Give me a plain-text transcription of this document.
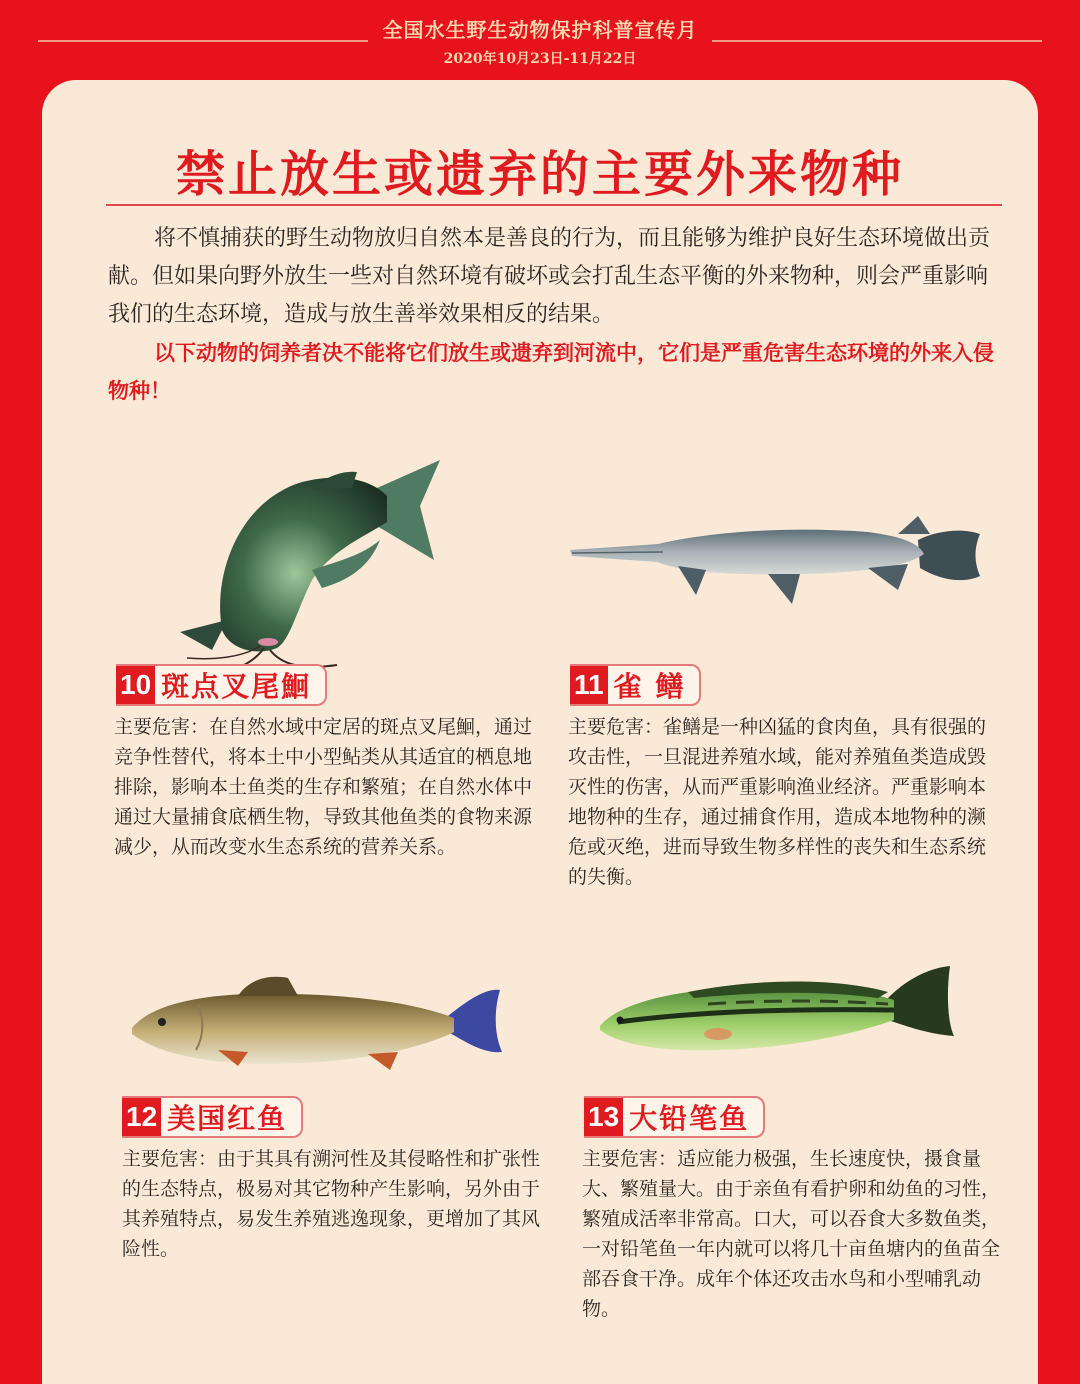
全国水生野生动物保护科普宣传月
2020年10月23日-11月22日
禁止放生或遗弃的主要外来物种

将不慎捕获的野生动物放归自然本是善良的行为，而且能够为维护良好生态环境做出贡献。但如果向野外放生一些对自然环境有破坏或会打乱生态平衡的外来物种，则会严重影响我们的生态环境，造成与放生善举效果相反的结果。

以下动物的饲养者决不能将它们放生或遗弃到河流中，它们是严重危害生态环境的外来入侵物种！

10 斑点叉尾鮰

主要危害：在自然水域中定居的斑点叉尾鮰，通过竞争性替代，将本土中小型鲇类从其适宜的栖息地排除，影响本土鱼类的生存和繁殖；在自然水体中通过大量捕食底栖生物，导致其他鱼类的食物来源减少，从而改变水生态系统的营养关系。

11 雀 鳝

主要危害：雀鳝是一种凶猛的食肉鱼，具有很强的攻击性，一旦混进养殖水域，能对养殖鱼类造成毁灭性的伤害，从而严重影响渔业经济。严重影响本地物种的生存，通过捕食作用，造成本地物种的濒危或灭绝，进而导致生物多样性的丧失和生态系统的失衡。

12 美国红鱼

主要危害：由于其具有溯河性及其侵略性和扩张性的生态特点，极易对其它物种产生影响，另外由于其养殖特点，易发生养殖逃逸现象，更增加了其风险性。

13 大铅笔鱼

主要危害：适应能力极强，生长速度快，摄食量大、繁殖量大。由于亲鱼有看护卵和幼鱼的习性，繁殖成活率非常高。口大，可以吞食大多数鱼类，一对铅笔鱼一年内就可以将几十亩鱼塘内的鱼苗全部吞食干净。成年个体还攻击水鸟和小型哺乳动物。
